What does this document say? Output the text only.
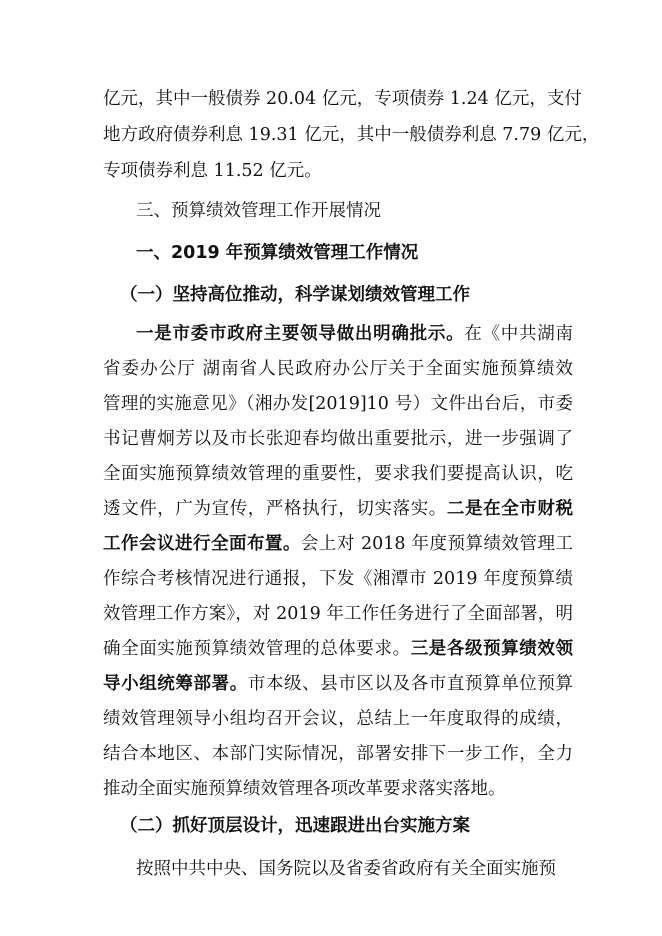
亿元，其中一般债券 20.04 亿元，专项债券 1.24 亿元，支付
地方政府债券利息 19.31 亿元，其中一般债券利息 7.79 亿元，
专项债券利息 11.52 亿元。
三、预算绩效管理工作开展情况
一、2019 年预算绩效管理工作情况
（一）坚持高位推动，科学谋划绩效管理工作
一是市委市政府主要领导做出明确批示。在《中共湖南
省委办公厅 湖南省人民政府办公厅关于全面实施预算绩效
管理的实施意见》（湘办发[2019]10 号）文件出台后，市委
书记曹炯芳以及市长张迎春均做出重要批示，进一步强调了
全面实施预算绩效管理的重要性，要求我们要提高认识，吃
透文件，广为宣传，严格执行，切实落实。二是在全市财税
工作会议进行全面布置。会上对 2018 年度预算绩效管理工
作综合考核情况进行通报，下发《湘潭市 2019 年度预算绩
效管理工作方案》，对 2019 年工作任务进行了全面部署，明
确全面实施预算绩效管理的总体要求。三是各级预算绩效领
导小组统筹部署。市本级、县市区以及各市直预算单位预算
绩效管理领导小组均召开会议，总结上一年度取得的成绩，
结合本地区、本部门实际情况，部署安排下一步工作，全力
推动全面实施预算绩效管理各项改革要求落实落地。
（二）抓好顶层设计，迅速跟进出台实施方案
按照中共中央、国务院以及省委省政府有关全面实施预
